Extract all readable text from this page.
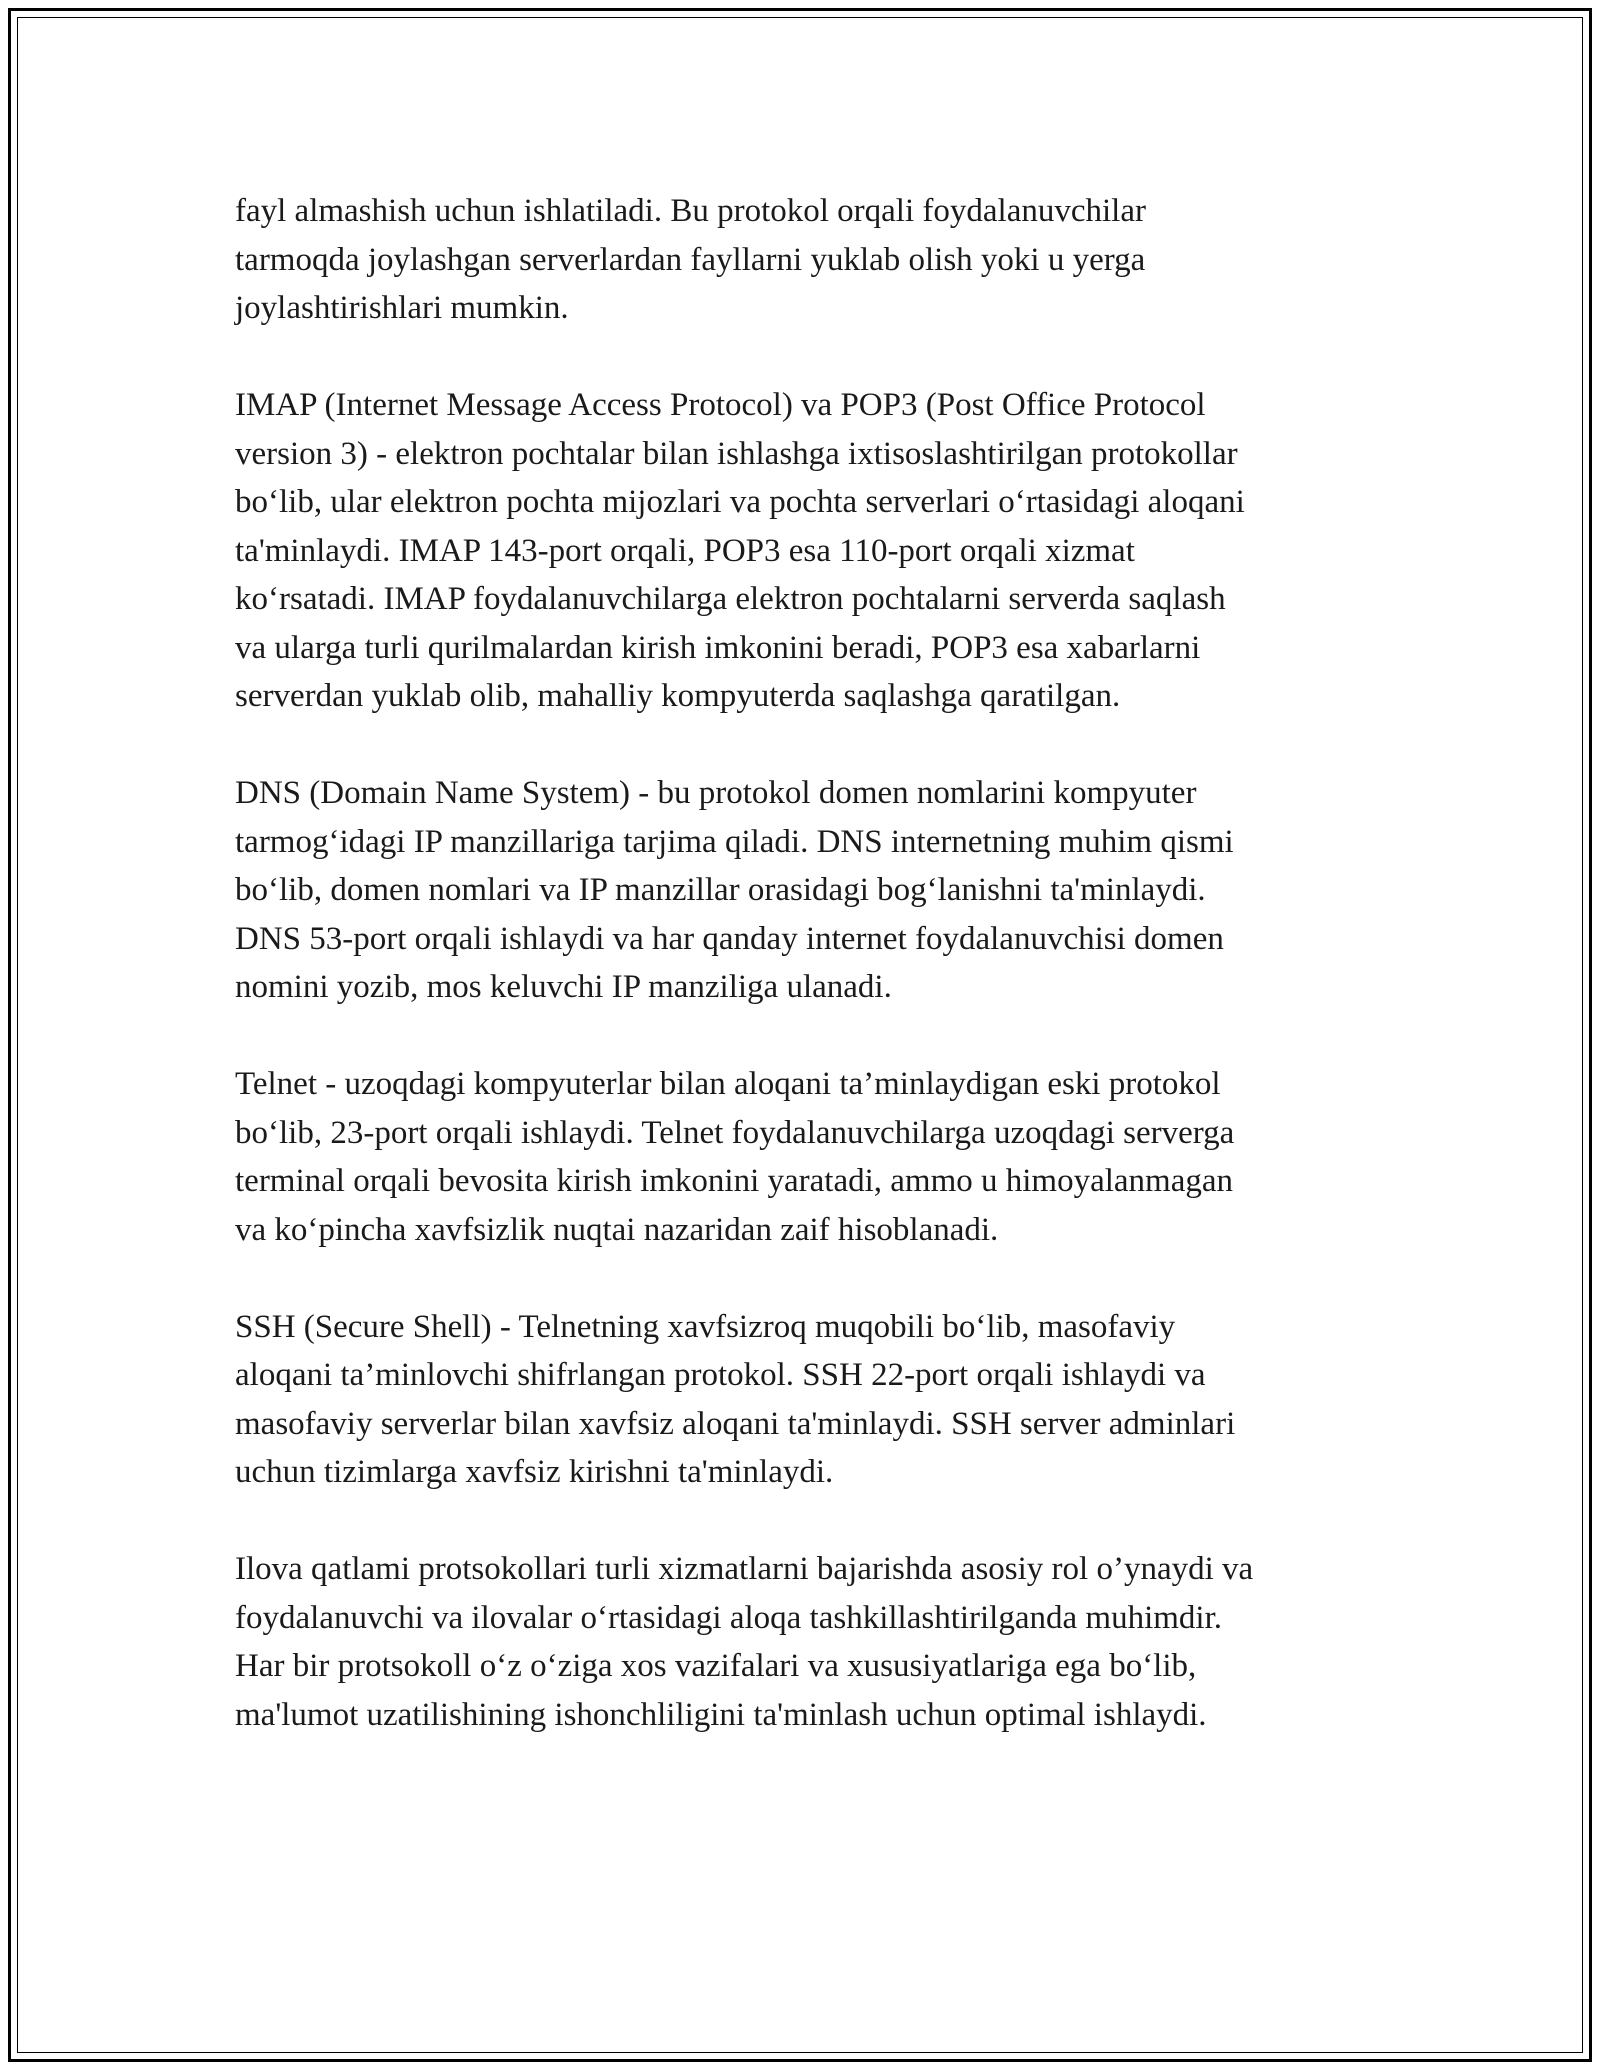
fayl almashish uchun ishlatiladi. Bu protokol orqali foydalanuvchilar
tarmoqda joylashgan serverlardan fayllarni yuklab olish yoki u yerga
joylashtirishlari mumkin.

IMAP (Internet Message Access Protocol) va POP3 (Post Office Protocol
version 3) - elektron pochtalar bilan ishlashga ixtisoslashtirilgan protokollar
bo‘lib, ular elektron pochta mijozlari va pochta serverlari o‘rtasidagi aloqani
ta'minlaydi. IMAP 143-port orqali, POP3 esa 110-port orqali xizmat
ko‘rsatadi. IMAP foydalanuvchilarga elektron pochtalarni serverda saqlash
va ularga turli qurilmalardan kirish imkonini beradi, POP3 esa xabarlarni
serverdan yuklab olib, mahalliy kompyuterda saqlashga qaratilgan.

DNS (Domain Name System) - bu protokol domen nomlarini kompyuter
tarmog‘idagi IP manzillariga tarjima qiladi. DNS internetning muhim qismi
bo‘lib, domen nomlari va IP manzillar orasidagi bog‘lanishni ta'minlaydi.
DNS 53-port orqali ishlaydi va har qanday internet foydalanuvchisi domen
nomini yozib, mos keluvchi IP manziliga ulanadi.

Telnet - uzoqdagi kompyuterlar bilan aloqani ta’minlaydigan eski protokol
bo‘lib, 23-port orqali ishlaydi. Telnet foydalanuvchilarga uzoqdagi serverga
terminal orqali bevosita kirish imkonini yaratadi, ammo u himoyalanmagan
va ko‘pincha xavfsizlik nuqtai nazaridan zaif hisoblanadi.

SSH (Secure Shell) - Telnetning xavfsizroq muqobili bo‘lib, masofaviy
aloqani ta’minlovchi shifrlangan protokol. SSH 22-port orqali ishlaydi va
masofaviy serverlar bilan xavfsiz aloqani ta'minlaydi. SSH server adminlari
uchun tizimlarga xavfsiz kirishni ta'minlaydi.

Ilova qatlami protsokollari turli xizmatlarni bajarishda asosiy rol o’ynaydi va
foydalanuvchi va ilovalar o‘rtasidagi aloqa tashkillashtirilganda muhimdir.
Har bir protsokoll o‘z o‘ziga xos vazifalari va xususiyatlariga ega bo‘lib,
ma'lumot uzatilishining ishonchliligini ta'minlash uchun optimal ishlaydi.
